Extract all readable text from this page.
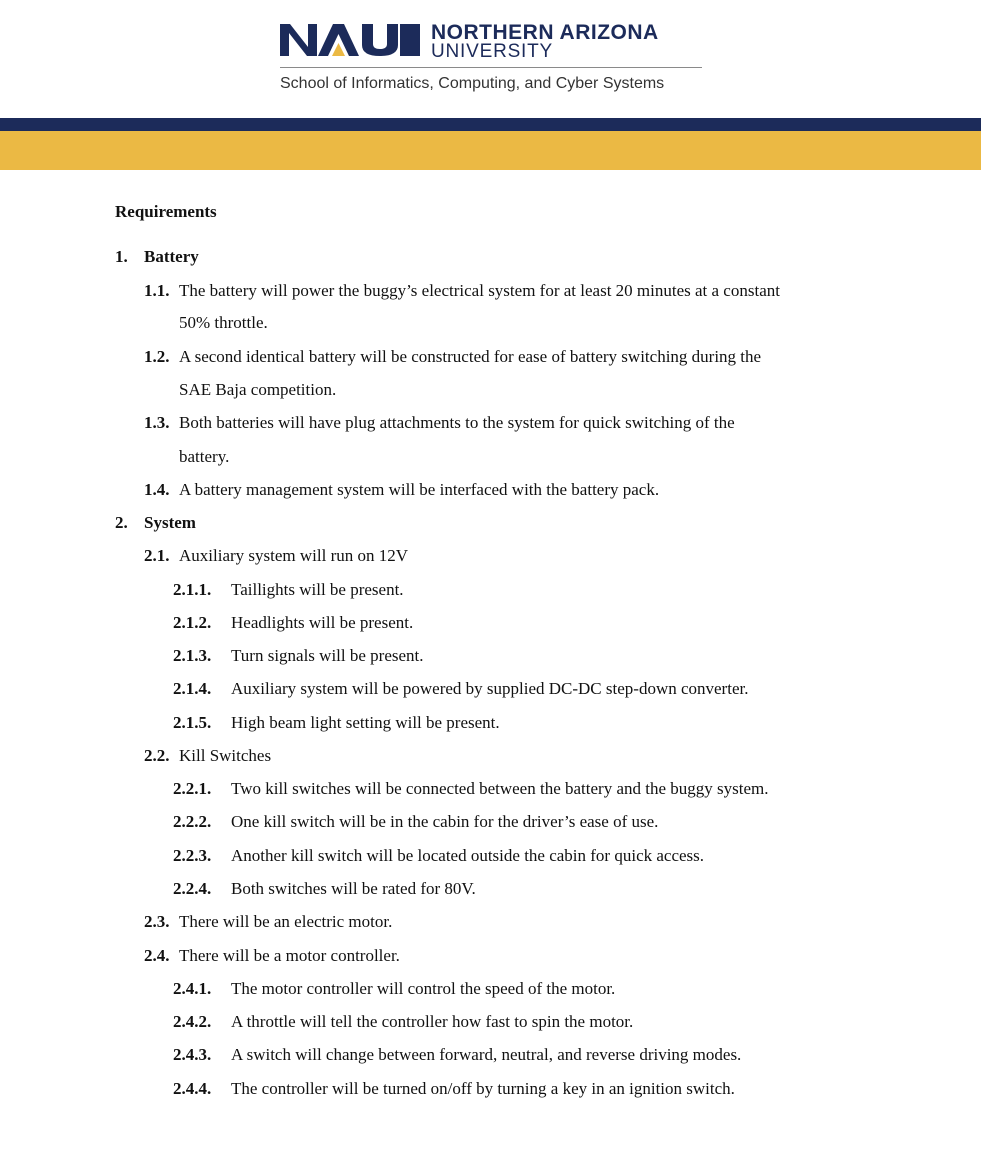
NORTHERN ARIZONA
UNIVERSITY
School of Informatics, Computing, and Cyber Systems
Requirements
1. Battery
1.1. The battery will power the buggy’s electrical system for at least 20 minutes at a constant
50% throttle.
1.2. A second identical battery will be constructed for ease of battery switching during the
SAE Baja competition.
1.3. Both batteries will have plug attachments to the system for quick switching of the
battery.
1.4. A battery management system will be interfaced with the battery pack.
2. System
2.1. Auxiliary system will run on 12V
2.1.1. Taillights will be present.
2.1.2. Headlights will be present.
2.1.3. Turn signals will be present.
2.1.4. Auxiliary system will be powered by supplied DC-DC step-down converter.
2.1.5. High beam light setting will be present.
2.2. Kill Switches
2.2.1. Two kill switches will be connected between the battery and the buggy system.
2.2.2. One kill switch will be in the cabin for the driver’s ease of use.
2.2.3. Another kill switch will be located outside the cabin for quick access.
2.2.4. Both switches will be rated for 80V.
2.3. There will be an electric motor.
2.4. There will be a motor controller.
2.4.1. The motor controller will control the speed of the motor.
2.4.2. A throttle will tell the controller how fast to spin the motor.
2.4.3. A switch will change between forward, neutral, and reverse driving modes.
2.4.4. The controller will be turned on/off by turning a key in an ignition switch.
